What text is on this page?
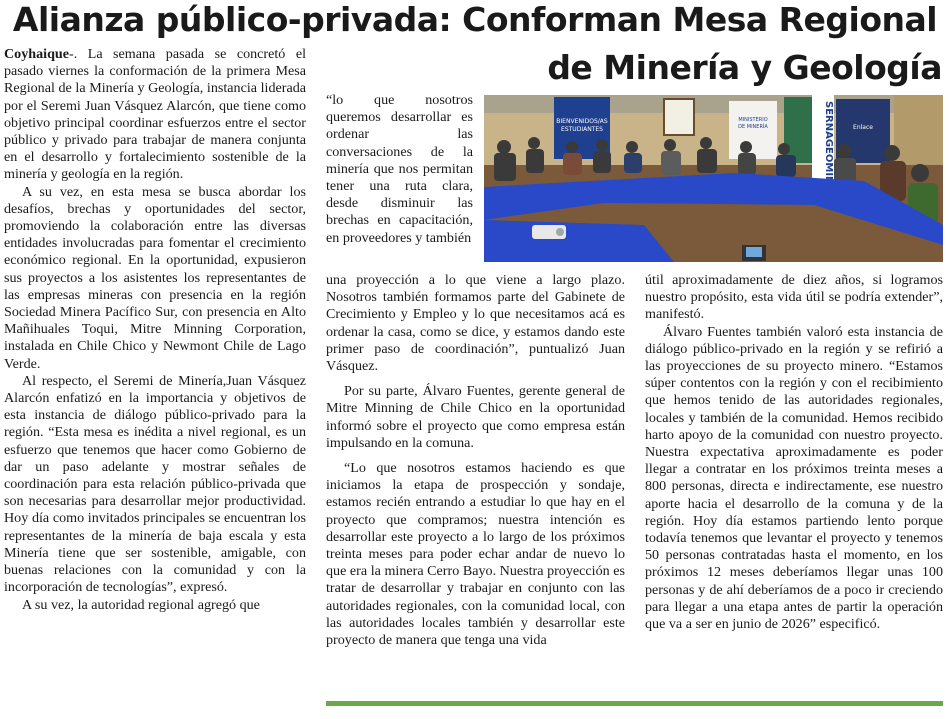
Alianza público-privada: Conforman Mesa Regional
de Minería y Geología

Coyhaique-. La semana pasada se concretó el pasado viernes la conformación de la primera Mesa Regional de la Minería y Geología, instancia liderada por el Seremi Juan Vásquez Alarcón, que tiene como objetivo principal coordinar esfuerzos entre el sector público y privado para trabajar de manera conjunta en el desarrollo y fortalecimiento sostenible de la minería y geología en la región.

A su vez, en esta mesa se busca abordar los desafíos, brechas y oportunidades del sector, promoviendo la colaboración entre las diversas entidades involucradas para fomentar el crecimiento económico regional. En la oportunidad, expusieron sus proyectos a los asistentes los representantes de las empresas mineras con presencia en la región Sociedad Minera Pacífico Sur, con presencia en Alto Mañihuales Toqui, Mitre Minning Corporation, instalada en Chile Chico y Newmont Chile de Lago Verde.

Al respecto, el Seremi de Minería,Juan Vásquez Alarcón enfatizó en la importancia y objetivos de esta instancia de diálogo público-privado para la región. “Esta mesa es inédita a nivel regional, es un esfuerzo que tenemos que hacer como Gobierno de dar un paso adelante y mostrar señales de coordinación para esta relación público-privada que son necesarias para desarrollar mejor productividad. Hoy día como invitados principales se encuentran los representantes de la minería de baja escala y esta Minería tiene que ser sostenible, amigable, con buenas relaciones con la comunidad y con la incorporación de tecnologías”, expresó.

A su vez, la autoridad regional agregó que

“lo que nosotros queremos desarrollar es ordenar las conversaciones de la minería que nos permitan tener una ruta clara, desde disminuir las brechas en capacitación, en proveedores y también

BIENVENIDOS/AS
ESTUDIANTES
MINISTERIO
DE MINERÍA	SERNAGEOMIN	Enlace

una proyección a lo que viene a largo plazo. Nosotros también formamos parte del Gabinete de Crecimiento y Empleo y lo que necesitamos acá es ordenar la casa, como se dice, y estamos dando este primer paso de coordinación”, puntualizó Juan Vásquez.

Por su parte, Álvaro Fuentes, gerente general de Mitre Minning de Chile Chico en la oportunidad informó sobre el proyecto que como empresa están impulsando en la comuna.

“Lo que nosotros estamos haciendo es que iniciamos la etapa de prospección y sondaje, estamos recién entrando a estudiar lo que hay en el proyecto que compramos; nuestra intención es desarrollar este proyecto a lo largo de los próximos treinta meses para poder echar andar de nuevo lo que era la minera Cerro Bayo. Nuestra proyección es tratar de desarrollar y trabajar en conjunto con las autoridades regionales, con la comunidad local, con las autoridades locales también y desarrollar este proyecto de manera que tenga una vida

útil aproximadamente de diez años, si logramos nuestro propósito, esta vida útil se podría extender”, manifestó.

Álvaro Fuentes también valoró esta instancia de diálogo público-privado en la región y se refirió a las proyecciones de su proyecto minero. “Estamos súper contentos con la región y con el recibimiento que hemos tenido de las autoridades regionales, locales y también de la comunidad. Hemos recibido harto apoyo de la comunidad con nuestro proyecto. Nuestra expectativa aproximadamente es poder llegar a contratar en los próximos treinta meses a 800 personas, directa e indirectamente, ese nuestro aporte hacia el desarrollo de la comuna y de la región. Hoy día estamos partiendo lento porque todavía tenemos que levantar el proyecto y tenemos 50 personas contratadas hasta el momento, en los próximos 12 meses deberíamos llegar unas 100 personas y de ahí deberíamos de a poco ir creciendo para llegar a una etapa antes de partir la operación que va a ser en junio de 2026” especificó.
